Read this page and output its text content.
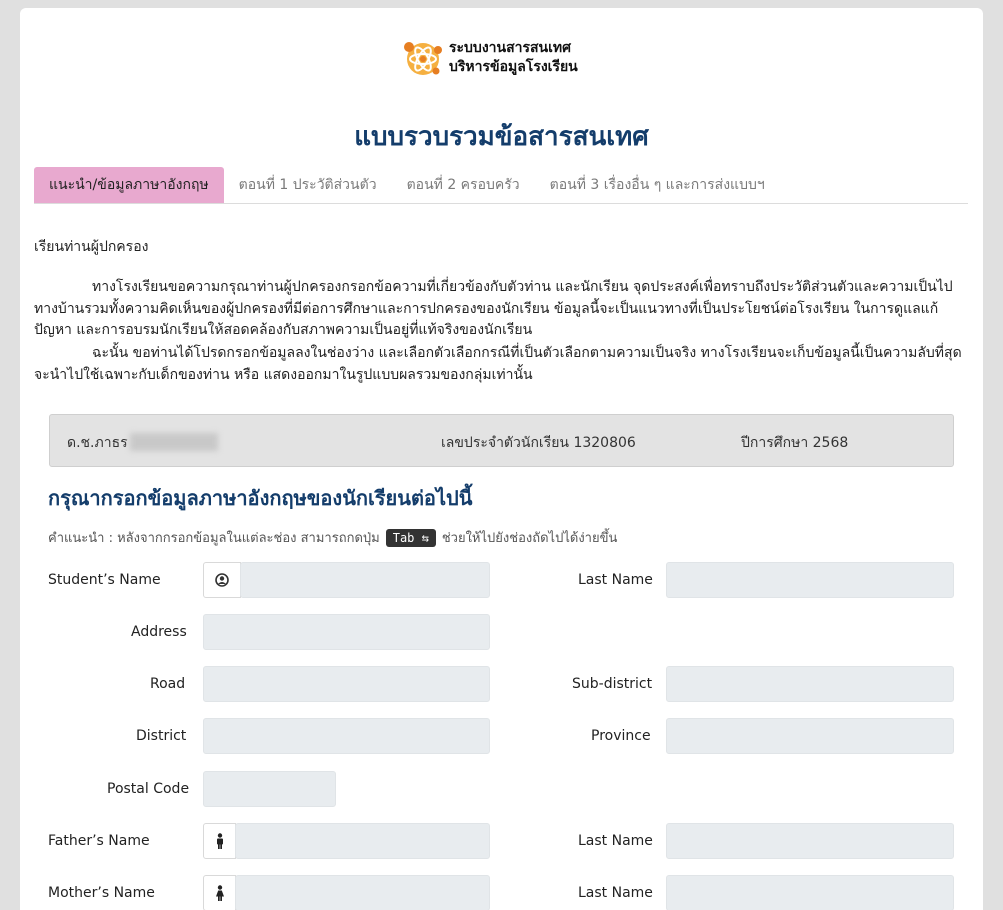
ระบบงานสารสนเทศ
บริหารข้อมูลโรงเรียน
แบบรวบรวมข้อสารสนเทศ
แนะนำ/ข้อมูลภาษาอังกฤษ	ตอนที่ 1 ประวัติส่วนตัว	ตอนที่ 2 ครอบครัว	ตอนที่ 3 เรื่องอื่น ๆ และการส่งแบบฯ
เรียนท่านผู้ปกครอง
ทางโรงเรียนขอความกรุณาท่านผู้ปกครองกรอกข้อความที่เกี่ยวข้องกับตัวท่าน และนักเรียน จุดประสงค์เพื่อทราบถึงประวัติส่วนตัวและความเป็นไปทางบ้านรวมทั้งความคิดเห็นของผู้ปกครองที่มีต่อการศึกษาและการปกครองของนักเรียน ข้อมูลนี้จะเป็นแนวทางที่เป็นประโยชน์ต่อโรงเรียน ในการดูแลแก้ปัญหา และการอบรมนักเรียนให้สอดคล้องกับสภาพความเป็นอยู่ที่แท้จริงของนักเรียน
ฉะนั้น ขอท่านได้โปรดกรอกข้อมูลลงในช่องว่าง และเลือกตัวเลือกกรณีที่เป็นตัวเลือกตามความเป็นจริง ทางโรงเรียนจะเก็บข้อมูลนี้เป็นความลับที่สุด จะนำไปใช้เฉพาะกับเด็กของท่าน หรือ แสดงออกมาในรูปแบบผลรวมของกลุ่มเท่านั้น
ด.ช.ภาธร	เลขประจำตัวนักเรียน 1320806	ปีการศึกษา 2568
กรุณากรอกข้อมูลภาษาอังกฤษของนักเรียนต่อไปนี้
คำแนะนำ : หลังจากกรอกข้อมูลในแต่ละช่อง สามารถกดปุ่ม	Tab ⇆	ช่วยให้ไปยังช่องถัดไปได้ง่ายขึ้น
Student’s Name	Last Name
Address
Road	Sub-district
District	Province
Postal Code
Father’s Name	Last Name
Mother’s Name	Last Name
